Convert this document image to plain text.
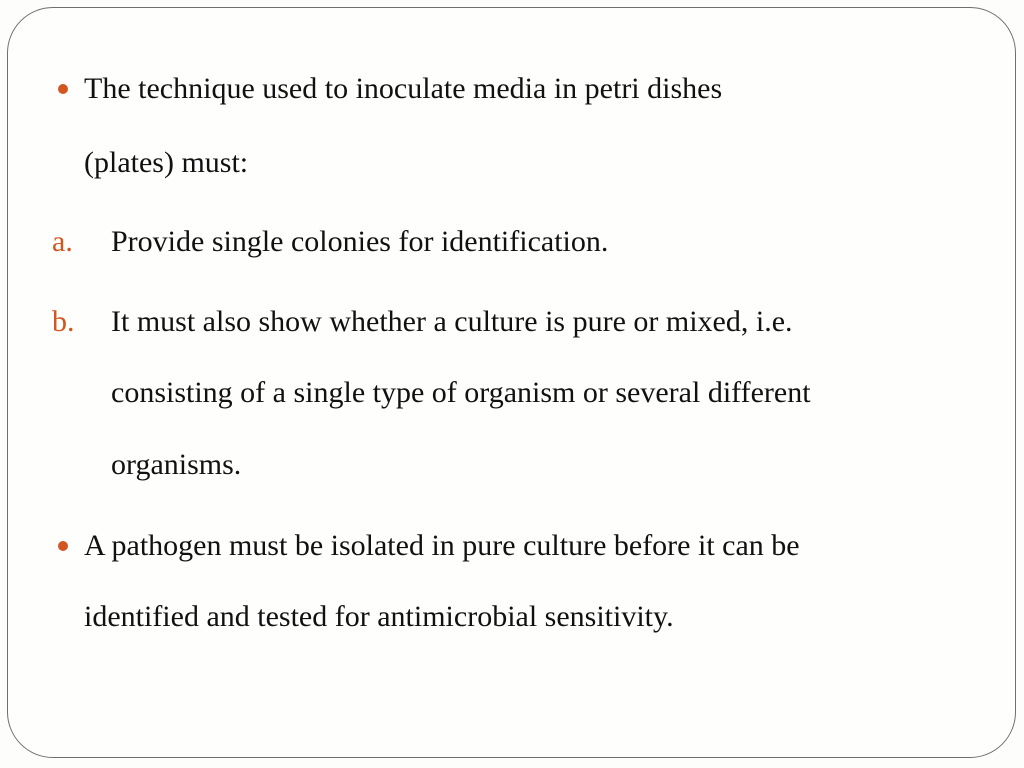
The technique used to inoculate media in petri dishes
(plates) must:
a. Provide single colonies for identification.
b. It must also show whether a culture is pure or mixed, i.e.
consisting of a single type of organism or several different
organisms.
A pathogen must be isolated in pure culture before it can be
identified and tested for antimicrobial sensitivity.
